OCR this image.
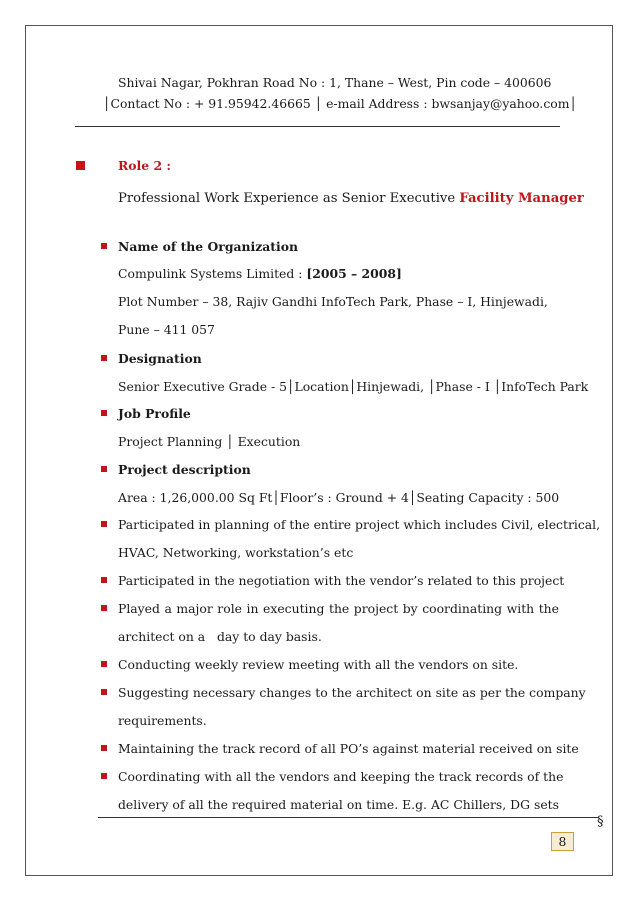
Shivai Nagar, Pokhran Road No : 1, Thane – West, Pin code – 400606
│Contact No : + 91.95942.46665 │ e-mail Address : bwsanjay@yahoo.com│
Role 2 :
Professional Work Experience as Senior Executive Facility Manager
Name of the Organization
Compulink Systems Limited : [2005 – 2008]
Plot Number – 38, Rajiv Gandhi InfoTech Park, Phase – I, Hinjewadi,
Pune – 411 057
Designation
Senior Executive Grade - 5│Location│Hinjewadi, │Phase - I │InfoTech Park
Job Profile
Project Planning │ Execution
Project description
Area : 1,26,000.00 Sq Ft│Floor’s : Ground + 4│Seating Capacity : 500
Participated in planning of the entire project which includes Civil, electrical,
HVAC, Networking, workstation’s etc
Participated in the negotiation with the vendor’s related to this project
Played a major role in executing the project by coordinating with the
architect on a   day to day basis.
Conducting weekly review meeting with all the vendors on site.
Suggesting necessary changes to the architect on site as per the company
requirements.
Maintaining the track record of all PO’s against material received on site
Coordinating with all the vendors and keeping the track records of the
delivery of all the required material on time. E.g. AC Chillers, DG sets
§
8
